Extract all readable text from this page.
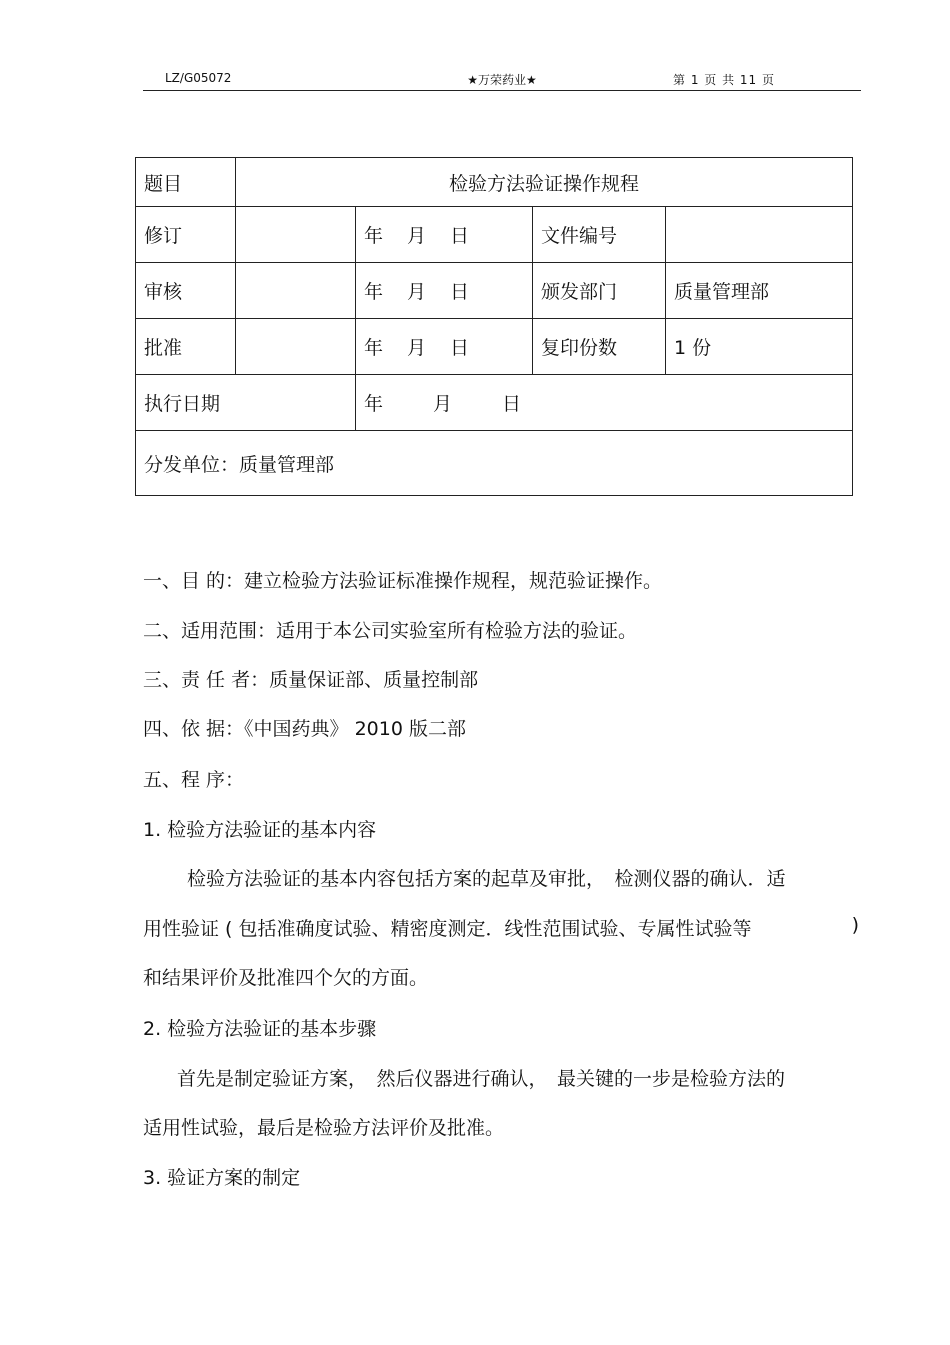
LZ/G05072	★万荣药业★	第 1 页 共 11 页
题目	检验方法验证操作规程			
修订		年 月 日	文件编号	
审核		年 月 日	颁发部门	质量管理部
批准		年 月 日	复印份数	1 份
执行日期		年 月 日		
分发单位：质量管理部				
一、目 的：建立检验方法验证标准操作规程，规范验证操作。
二、适用范围：适用于本公司实验室所有检验方法的验证。
三、责 任 者：质量保证部、质量控制部
四、依 据：《中国药典》 2010 版二部
五、程 序：
1. 检验方法验证的基本内容
检验方法验证的基本内容包括方案的起草及审批，　检测仪器的确认．适
用性验证 ( 包括准确度试验、精密度测定．线性范围试验、专属性试验等	)
和结果评价及批准四个欠的方面。
2. 检验方法验证的基本步骤
首先是制定验证方案，　然后仪器进行确认，　最关键的一步是检验方法的
适用性试验，最后是检验方法评价及批准。
3. 验证方案的制定
